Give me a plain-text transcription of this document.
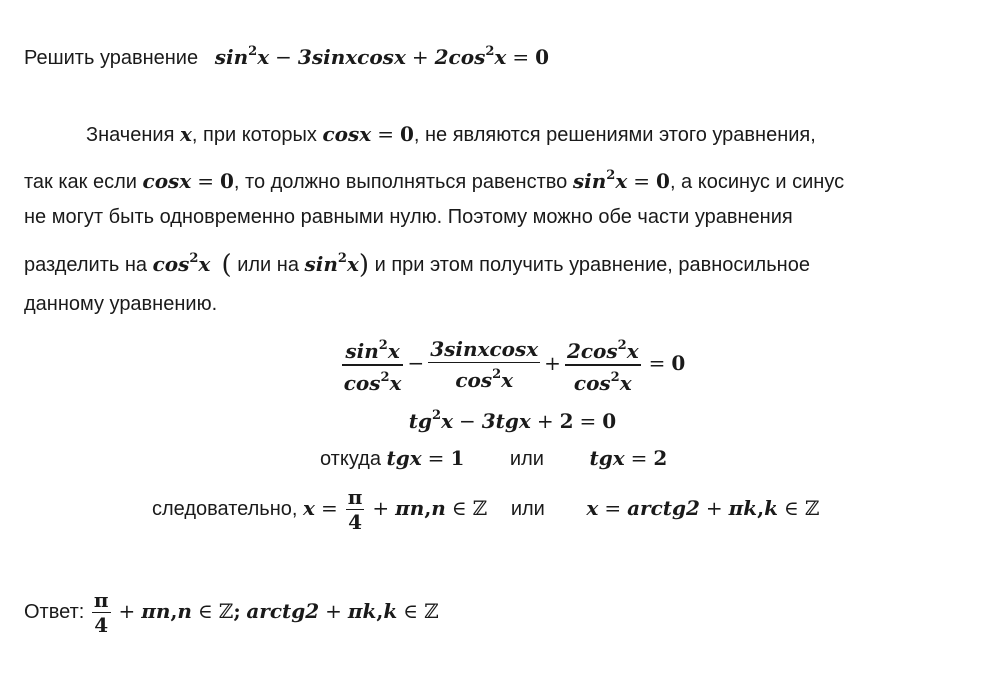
Решить уравнение $\sin^2x$ − 3sinxcosx + $2\cos^2x = 0$
Значения x, при которых cosx = 0, не являются решениями этого уравнения,
так как если cosx = 0, то должно выполняться равенство $\sin^2x = 0$, а косинус и синус
не могут быть одновременно равными нулю. Поэтому можно обе части уравнения
разделить на $\cos^2x$ ( или на $\sin^2x$) и при этом получить уравнение, равносильное
данному уравнению.
$\frac{\sin^2x}{\cos^2x} - \frac{\text{3sinxcosx}}{\cos^2x} + \frac{2\cos^2x}{\cos^2x} = 0$
$tg^2x - 3tgx + 2 = 0$
откуда tgx = 1 или tgx = 2
следовательно, $x = \frac{\pi}{4} + \pi n,n$ ∈ ℤ или x = arctg2 + πk,k ∈ ℤ
Ответ: $\frac{\pi}{4} + \pi n,n$ ∈ ℤ; arctg2 + πk,k ∈ ℤ
